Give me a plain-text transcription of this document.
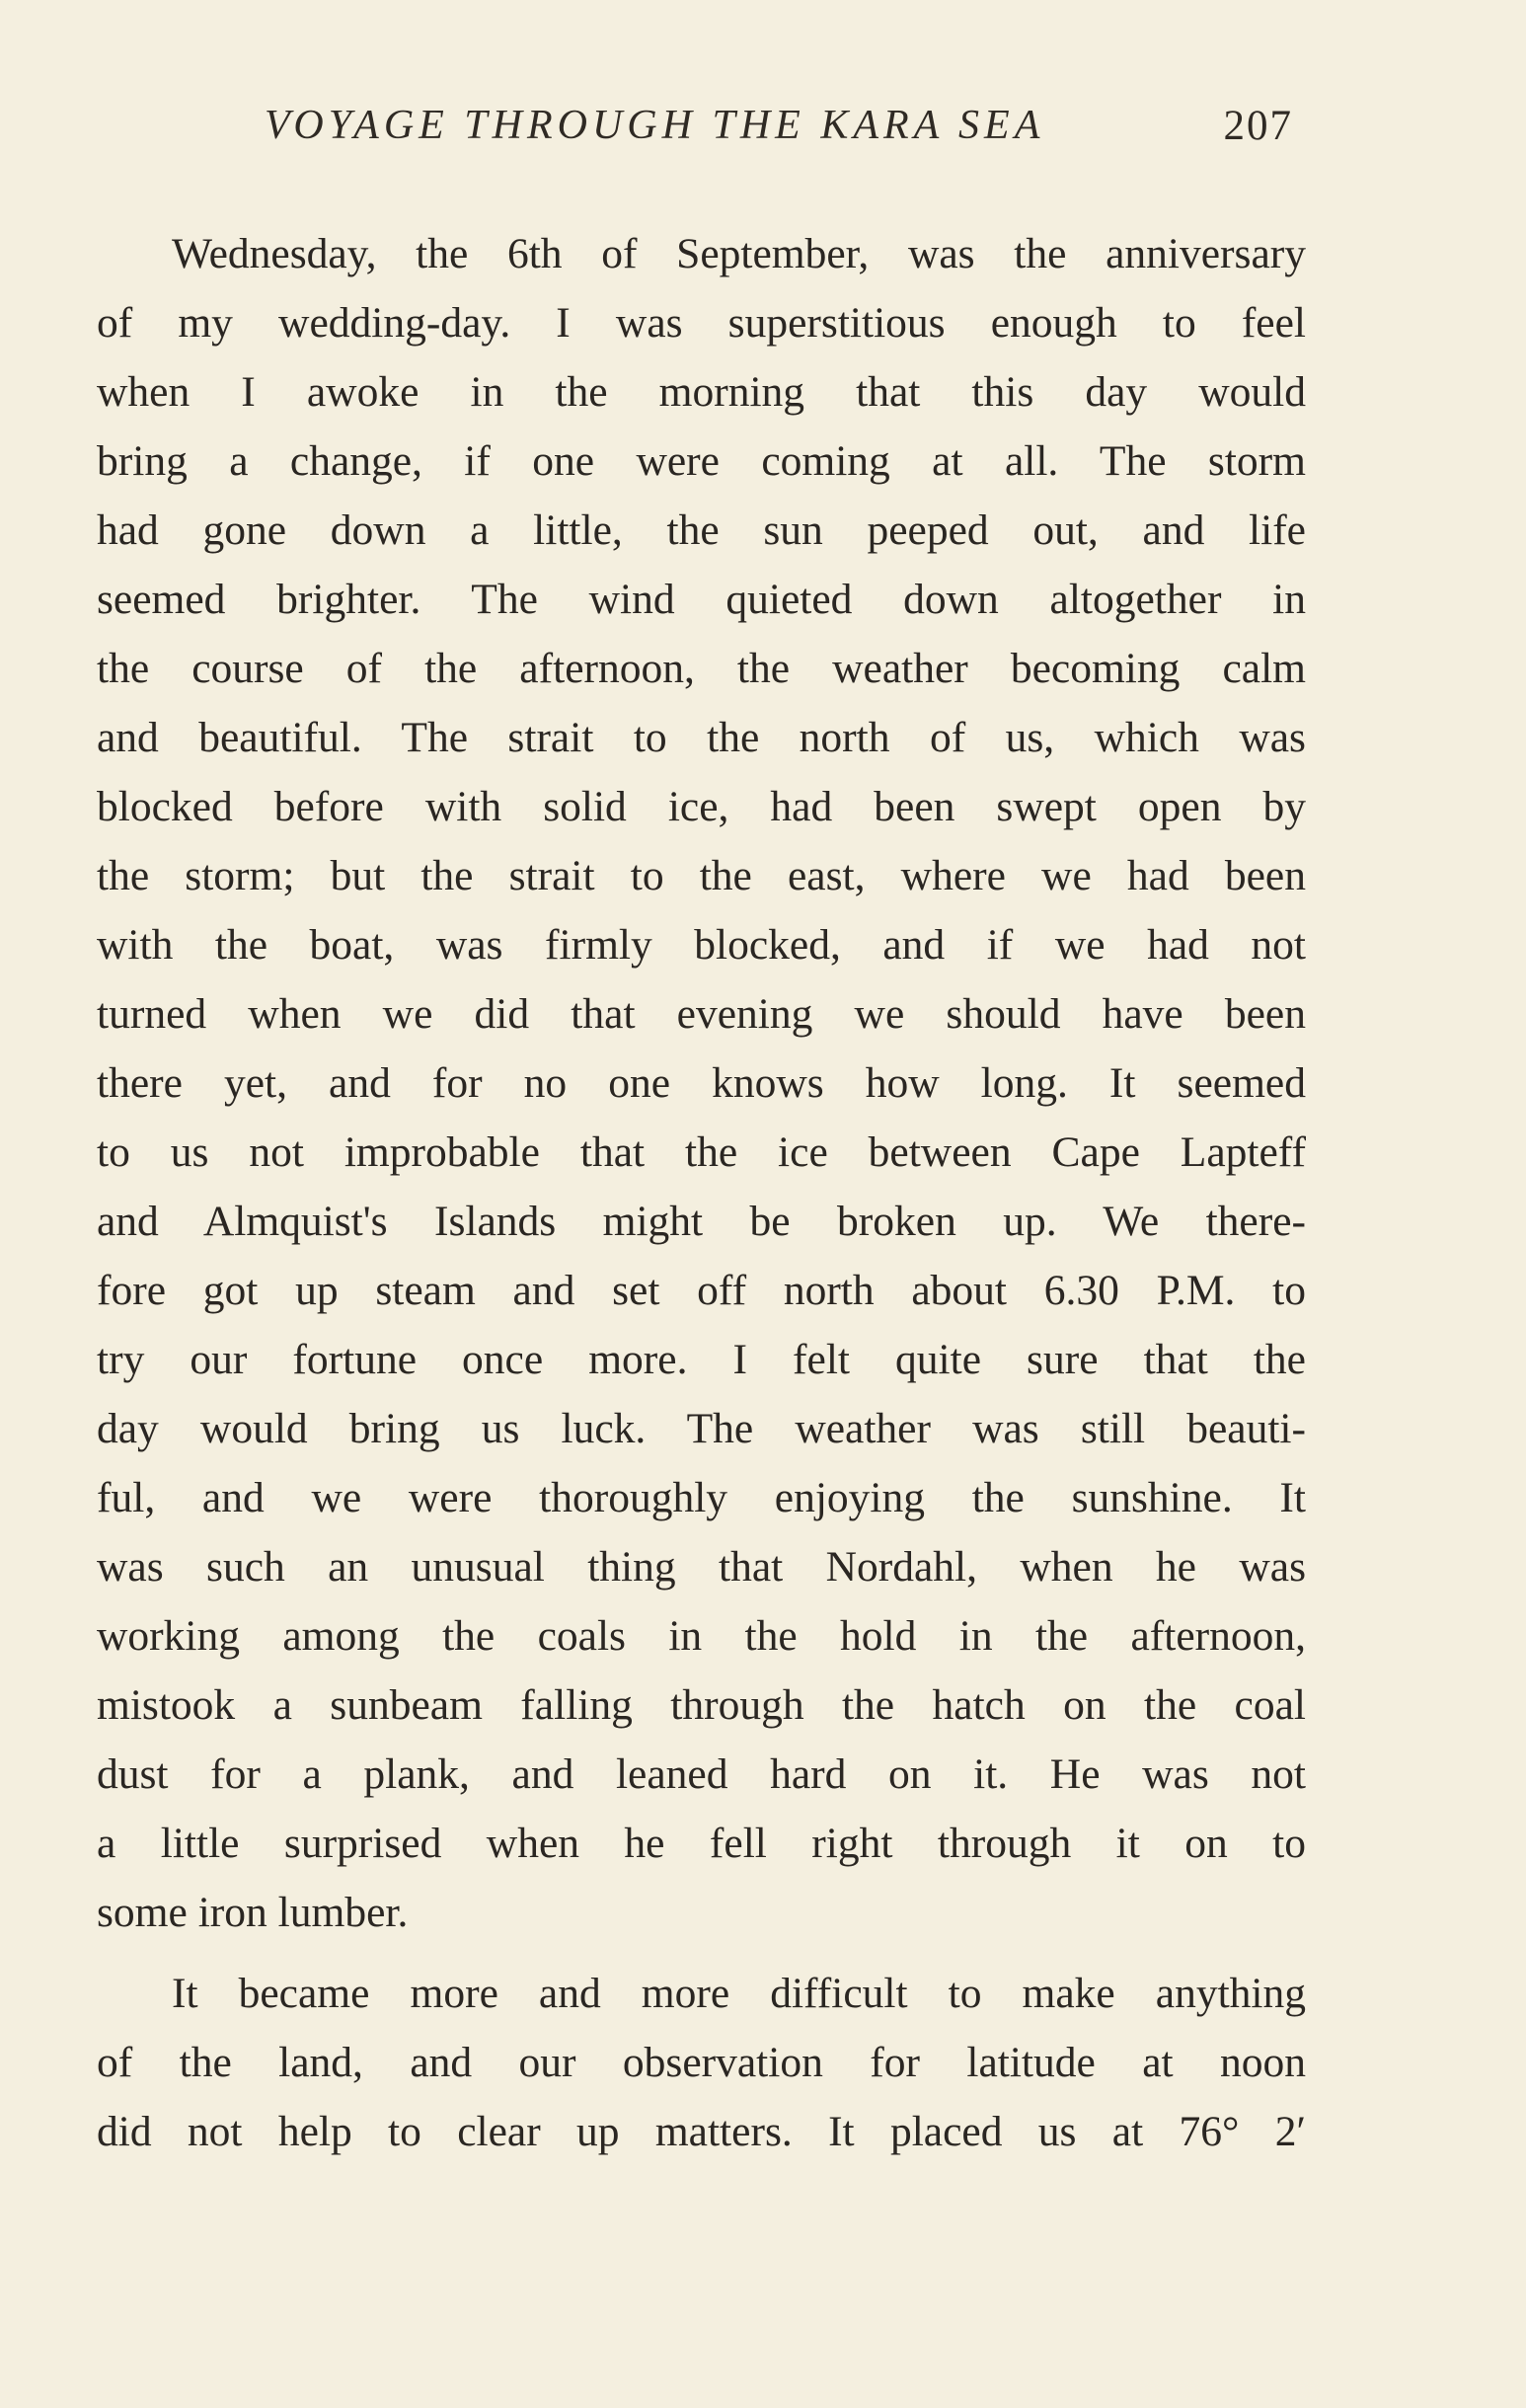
VOYAGE THROUGH THE KARA SEA	207
Wednesday, the 6th of September, was the anniversary
of my wedding-day. I was superstitious enough to feel
when I awoke in the morning that this day would
bring a change, if one were coming at all. The storm
had gone down a little, the sun peeped out, and life
seemed brighter. The wind quieted down altogether in
the course of the afternoon, the weather becoming calm
and beautiful. The strait to the north of us, which was
blocked before with solid ice, had been swept open by
the storm; but the strait to the east, where we had been
with the boat, was firmly blocked, and if we had not
turned when we did that evening we should have been
there yet, and for no one knows how long. It seemed
to us not improbable that the ice between Cape Lapteff
and Almquist's Islands might be broken up. We there-
fore got up steam and set off north about 6.30 P.M. to
try our fortune once more. I felt quite sure that the
day would bring us luck. The weather was still beauti-
ful, and we were thoroughly enjoying the sunshine. It
was such an unusual thing that Nordahl, when he was
working among the coals in the hold in the afternoon,
mistook a sunbeam falling through the hatch on the coal
dust for a plank, and leaned hard on it. He was not
a little surprised when he fell right through it on to
some iron lumber.
It became more and more difficult to make anything
of the land, and our observation for latitude at noon
did not help to clear up matters. It placed us at 76° 2′
